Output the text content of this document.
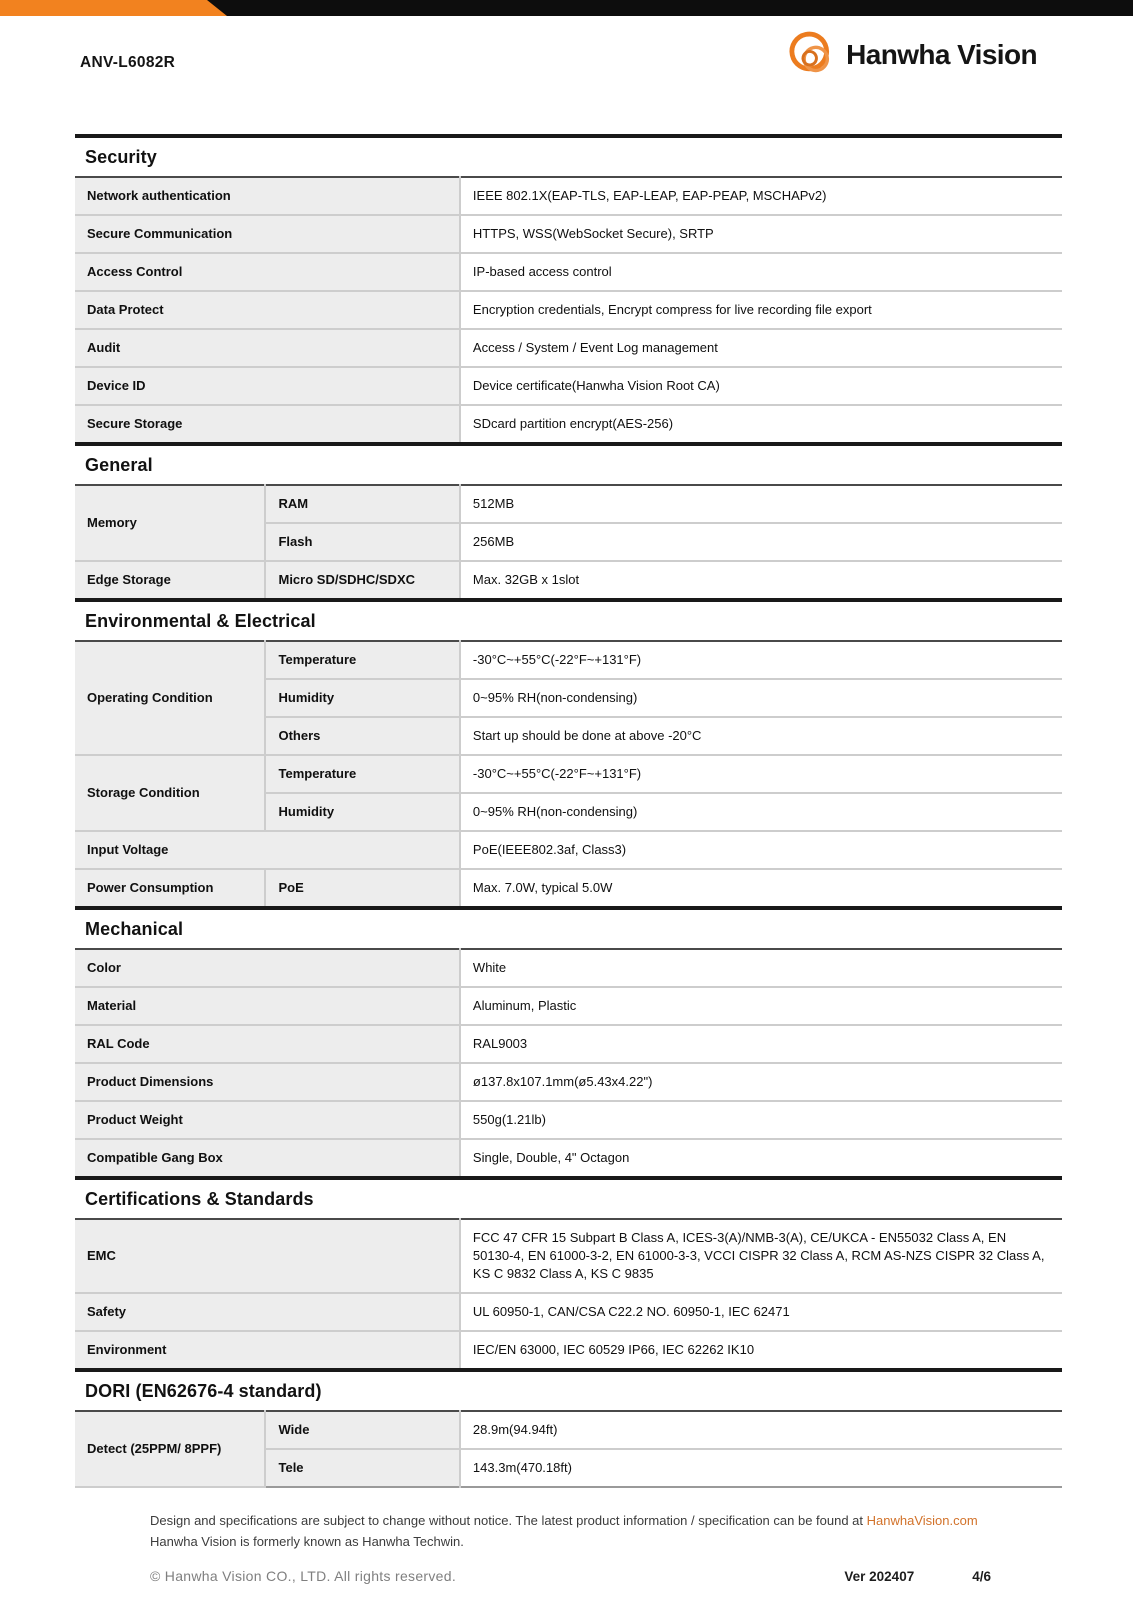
ANV-L6082R	Hanwha Vision
Security
Network authentication	IEEE 802.1X(EAP-TLS, EAP-LEAP, EAP-PEAP, MSCHAPv2)
Secure Communication	HTTPS, WSS(WebSocket Secure), SRTP
Access Control	IP-based access control
Data Protect	Encryption credentials, Encrypt compress for live recording file export
Audit	Access / System / Event Log management
Device ID	Device certificate(Hanwha Vision Root CA)
Secure Storage	SDcard partition encrypt(AES-256)
General
Memory	RAM	512MB
	Flash	256MB
Edge Storage	Micro SD/SDHC/SDXC	Max. 32GB x 1slot
Environmental & Electrical
Operating Condition	Temperature	-30°C~+55°C(-22°F~+131°F)
	Humidity	0~95% RH(non-condensing)
	Others	Start up should be done at above -20°C
Storage Condition	Temperature	-30°C~+55°C(-22°F~+131°F)
	Humidity	0~95% RH(non-condensing)
Input Voltage		PoE(IEEE802.3af, Class3)
Power Consumption	PoE	Max. 7.0W, typical 5.0W
Mechanical
Color	White
Material	Aluminum, Plastic
RAL Code	RAL9003
Product Dimensions	ø137.8x107.1mm(ø5.43x4.22")
Product Weight	550g(1.21lb)
Compatible Gang Box	Single, Double, 4" Octagon
Certifications & Standards
EMC	FCC 47 CFR 15 Subpart B Class A, ICES-3(A)/NMB-3(A), CE/UKCA - EN55032 Class A, EN 50130-4, EN 61000-3-2, EN 61000-3-3, VCCI CISPR 32 Class A, RCM AS-NZS CISPR 32 Class A, KS C 9832 Class A, KS C 9835
Safety	UL 60950-1, CAN/CSA C22.2 NO. 60950-1, IEC 62471
Environment	IEC/EN 63000, IEC 60529 IP66, IEC 62262 IK10
DORI (EN62676-4 standard)
Detect (25PPM/ 8PPF)	Wide	28.9m(94.94ft)
	Tele	143.3m(470.18ft)

Design and specifications are subject to change without notice. The latest product information / specification can be found at HanwhaVision.com
Hanwha Vision is formerly known as Hanwha Techwin.

© Hanwha Vision CO., LTD. All rights reserved.	Ver 202407	4/6
